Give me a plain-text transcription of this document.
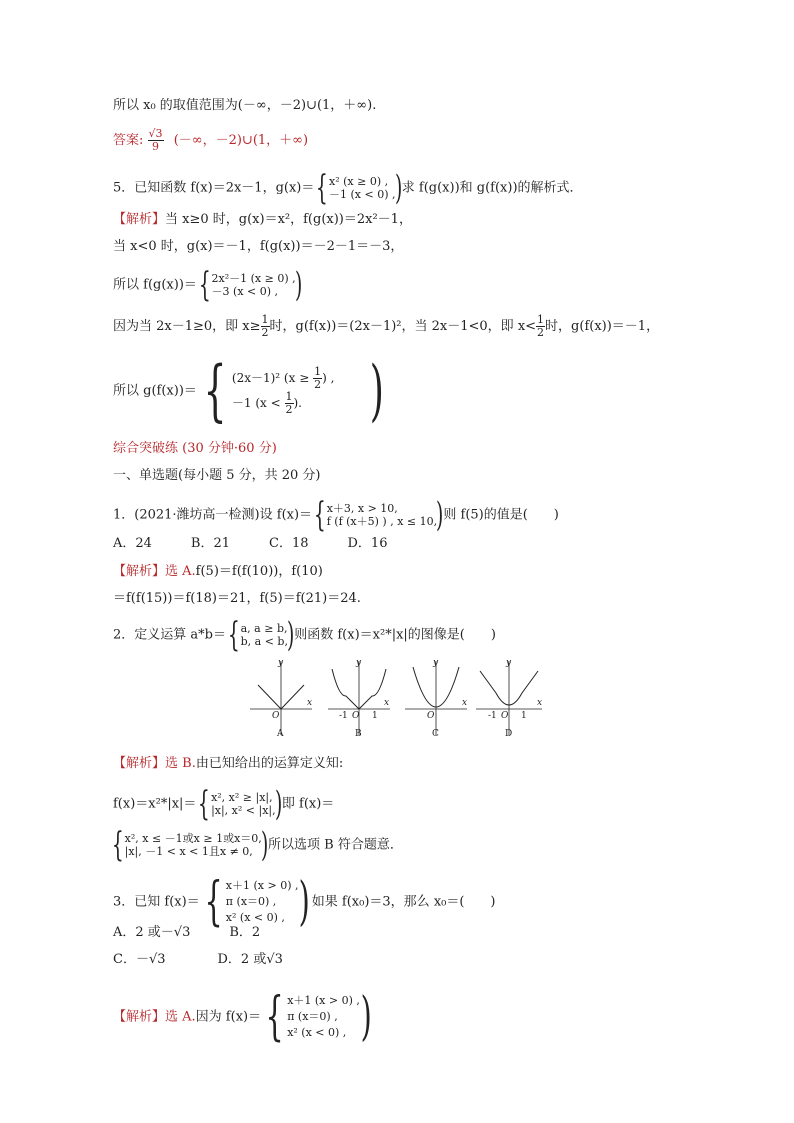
所以 x₀ 的取值范围为(－∞，－2)∪(1，＋∞).
答案: $\frac{√3}{9}$ (－∞，－2)∪(1，＋∞)
5．已知函数 f(x)＝2x－1，g(x)＝ { x² (x ≥ 0) ,
－1 (x < 0) ,
) 求 f(g(x))和 g(f(x))的解析式．
【解析】当 x≥0 时，g(x)＝x²，f(g(x))＝2x²－1，
当 x<0 时，g(x)＝－1，f(g(x))＝－2－1＝－3，
所以 f(g(x))＝ { 2x²－1 (x ≥ 0) ,
－3 (x < 0) , )
因为当 2x－1≥0，即 $x\ge \frac{1}{2}$ 时，g(f(x))＝(2x－1)²，当 2x－1<0，即 $x< \frac{1}{2}$ 时，g(f(x))＝－1，
所以 g(f(x))＝ { (2x－1)² ($x \ge \frac{1}{2}$ ) ,
－1 ($x < \frac{1}{2}$ ).	)
综合突破练 (30 分钟·60 分)
一、单选题(每小题 5 分，共 20 分)
1．(2021·潍坊高一检测)设 f(x)＝ { x＋3, x > 10,
f (f (x＋5) ) , x ≤ 10,
) 则 f(5)的值是(　　)
A．24　　　B．21　　　C．18　　　D．16
【解析】选 A.f(5)＝f(f(10))，f(10)
＝f(f(15))＝f(18)＝21，f(5)＝f(21)＝24.
2．定义运算 a*b＝ { a, a ≥ b,
b, a < b,
) 则函数 f(x)＝x²*|x|的图像是(　　)
x
y
O
A
x
y
-1 O 1
B
x
y
O
C
x
y
-1 O 1
D
【解析】选 B.由已知给出的运算定义知:
f(x)＝x²*|x|＝ { x², x² ≥ |x|,
|x|, x² < |x|,
) 即 f(x)＝
{ x², x ≤ －1或x ≥ 1或x＝0,
|x|, －1 < x < 1且x ≠ 0, ) 所以选项 B 符合题意．
3．已知 f(x)＝ { x＋1 (x > 0) ,
π (x＝0) ,
x² (x < 0) , ) 如果 f(x₀)＝3，那么 x₀＝(　　)
A．2 或－√3　　　B．2
C．－√3　　　　D．2 或√3
【解析】选 A.因为 f(x)＝ { x＋1 (x > 0) ,
π (x＝0) ,
x² (x < 0) , )
